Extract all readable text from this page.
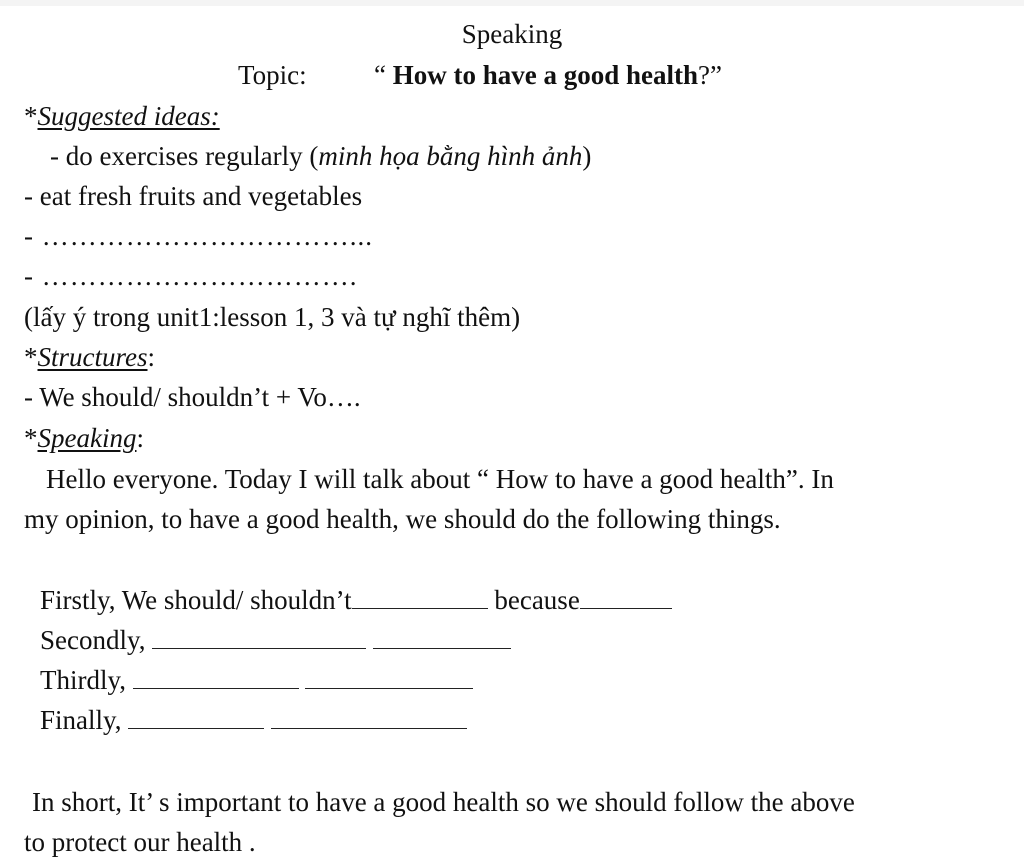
Speaking
Topic: “ How to have a good health?”
*Suggested ideas:
- do exercises regularly (minh họa bằng hình ảnh)
- eat fresh fruits and vegetables
- ……………………………...
- …………………………….
(lấy ý trong unit1:lesson 1, 3 và tự nghĩ thêm)
*Structures:
- We should/ shouldn’t + Vo….
*Speaking:
Hello everyone. Today I will talk about “ How to have a good health”. In
my opinion, to have a good health, we should do the following things.
Firstly, We should/ shouldn’t	because
Secondly,
Thirdly,
Finally,
In short, It’ s important to have a good health so we should follow the above
to protect our health .
